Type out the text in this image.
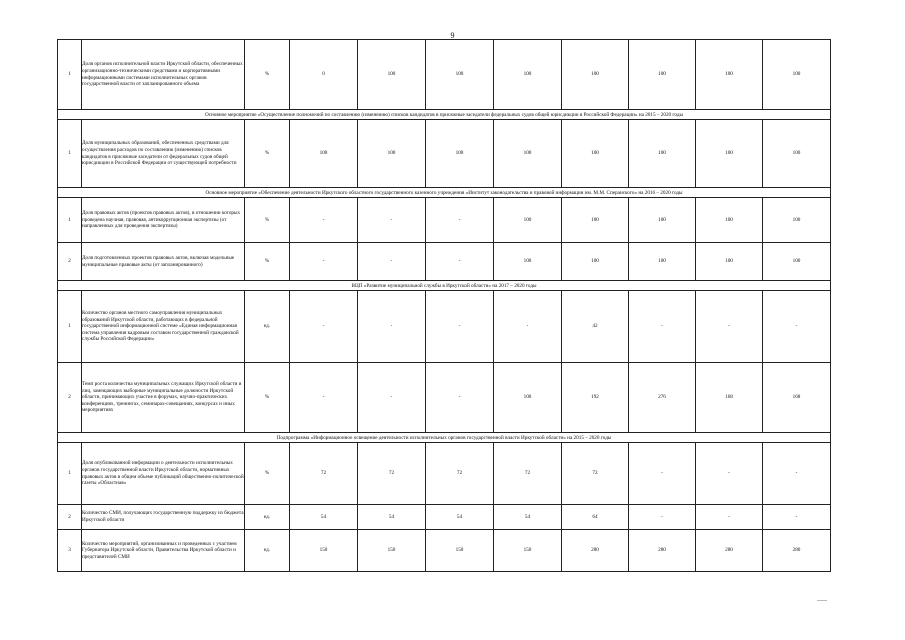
9
1	Доля органов исполнительной власти Иркутской области, обеспеченных организационно-техническими средствами и корпоративными информационными системами исполнительных органов государственной власти от запланированного объема	%	0	100	100	100	100	100	100	100
Основное мероприятие «Осуществление полномочий по составлению (изменению) списков кандидатов в присяжные заседатели федеральных судов общей юрисдикции в Российской Федерации» на 2015 – 2020 годы										
1	Доля муниципальных образований, обеспеченных средствами для осуществления расходов по составлению (изменению) списков кандидатов в присяжные заседатели от федеральных судов общей юрисдикции в Российской Федерации от существующей потребности	%	100	100	100	100	100	100	100	100
Основное мероприятие «Обеспечение деятельности Иркутского областного государственного казенного учреждения «Институт законодательства и правовой информации им. М.М. Сперанского» на 2016 – 2020 годы										
1	Доля правовых актов (проектов правовых актов), в отношении которых проведена научная, правовая, антикоррупционная экспертизы (от направленных для проведения экспертизы)	%	-	-	-	100	100	100	100	100
2	Доля подготовленных проектов правовых актов, включая модельные муниципальные правовые акты (от запланированного)	%	-	-	-	100	100	100	100	100
ВЦП «Развитие муниципальной службы в Иркутской области» на 2017 – 2020 годы										
1	Количество органов местного самоуправления муниципальных образований Иркутской области, работающих в федеральной государственной информационной системе «Единая информационная система управления кадровым составом государственной гражданской службы Российской Федерации»	ед.	-	-	-	-	42	-	-	-
2	Темп роста количества муниципальных служащих Иркутской области и лиц, замещающих выборные муниципальные должности Иркутской области, принимающих участие в форумах, научно-практических конференциях, тренингах, семинарах-совещаниях, конкурсах и иных мероприятиях	%	-	-	-	100	192	276	168	168
Подпрограмма «Информационное освещение деятельности исполнительных органов государственной власти Иркутской области» на 2015 – 2020 годы										
1	Доля опубликованной информации о деятельности исполнительных органов государственной власти Иркутской области, нормативных правовых актов в общем объеме публикаций общественно-политической газеты «Областная»	%	72	72	72	72	72	-	-	-
2	Количество СМИ, получающих государственную поддержку из бюджета Иркутской области	ед.	54	54	54	54	64	-	-	-
3	Количество мероприятий, организованных и проведенных с участием Губернатора Иркутской области, Правительства Иркутской области и представителей СМИ	ед.	150	150	150	150	280	280	280	280
